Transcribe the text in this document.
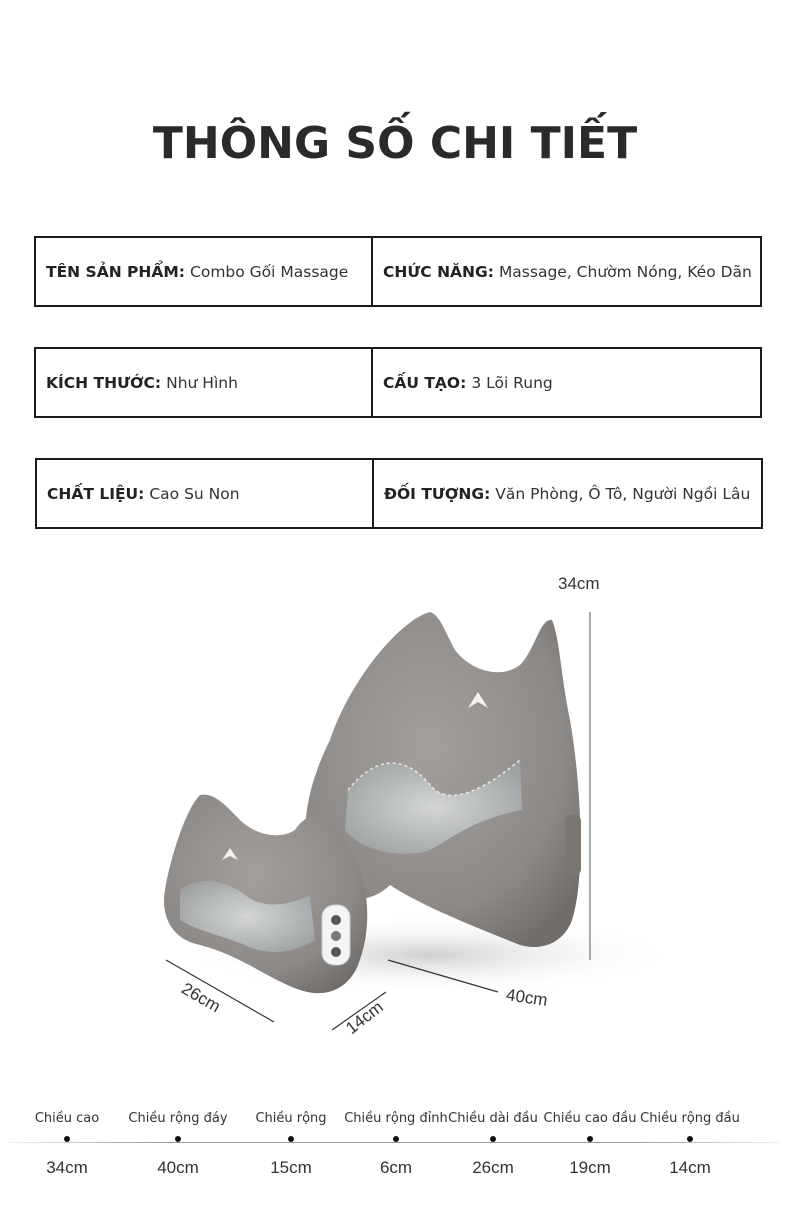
THÔNG SỐ CHI TIẾT
TÊN SẢN PHẨM: Combo Gối Massage CHỨC NĂNG: Massage, Chườm Nóng, Kéo Dãn
KÍCH THƯỚC: Như Hình	CẤU TẠO: 3 Lõi Rung
CHẤT LIỆU: Cao Su Non	ĐỐI TƯỢNG: Văn Phòng, Ô Tô, Người Ngồi Lâu
34cm
40cm
26cm	14cm
Chiều cao
34cm
Chiều rộng đáy
40cm
Chiều rộng
15cm
Chiều rộng đỉnh
6cm
Chiều dài đầu
26cm
Chiều cao đầu
19cm
Chiều rộng đầu
14cm
